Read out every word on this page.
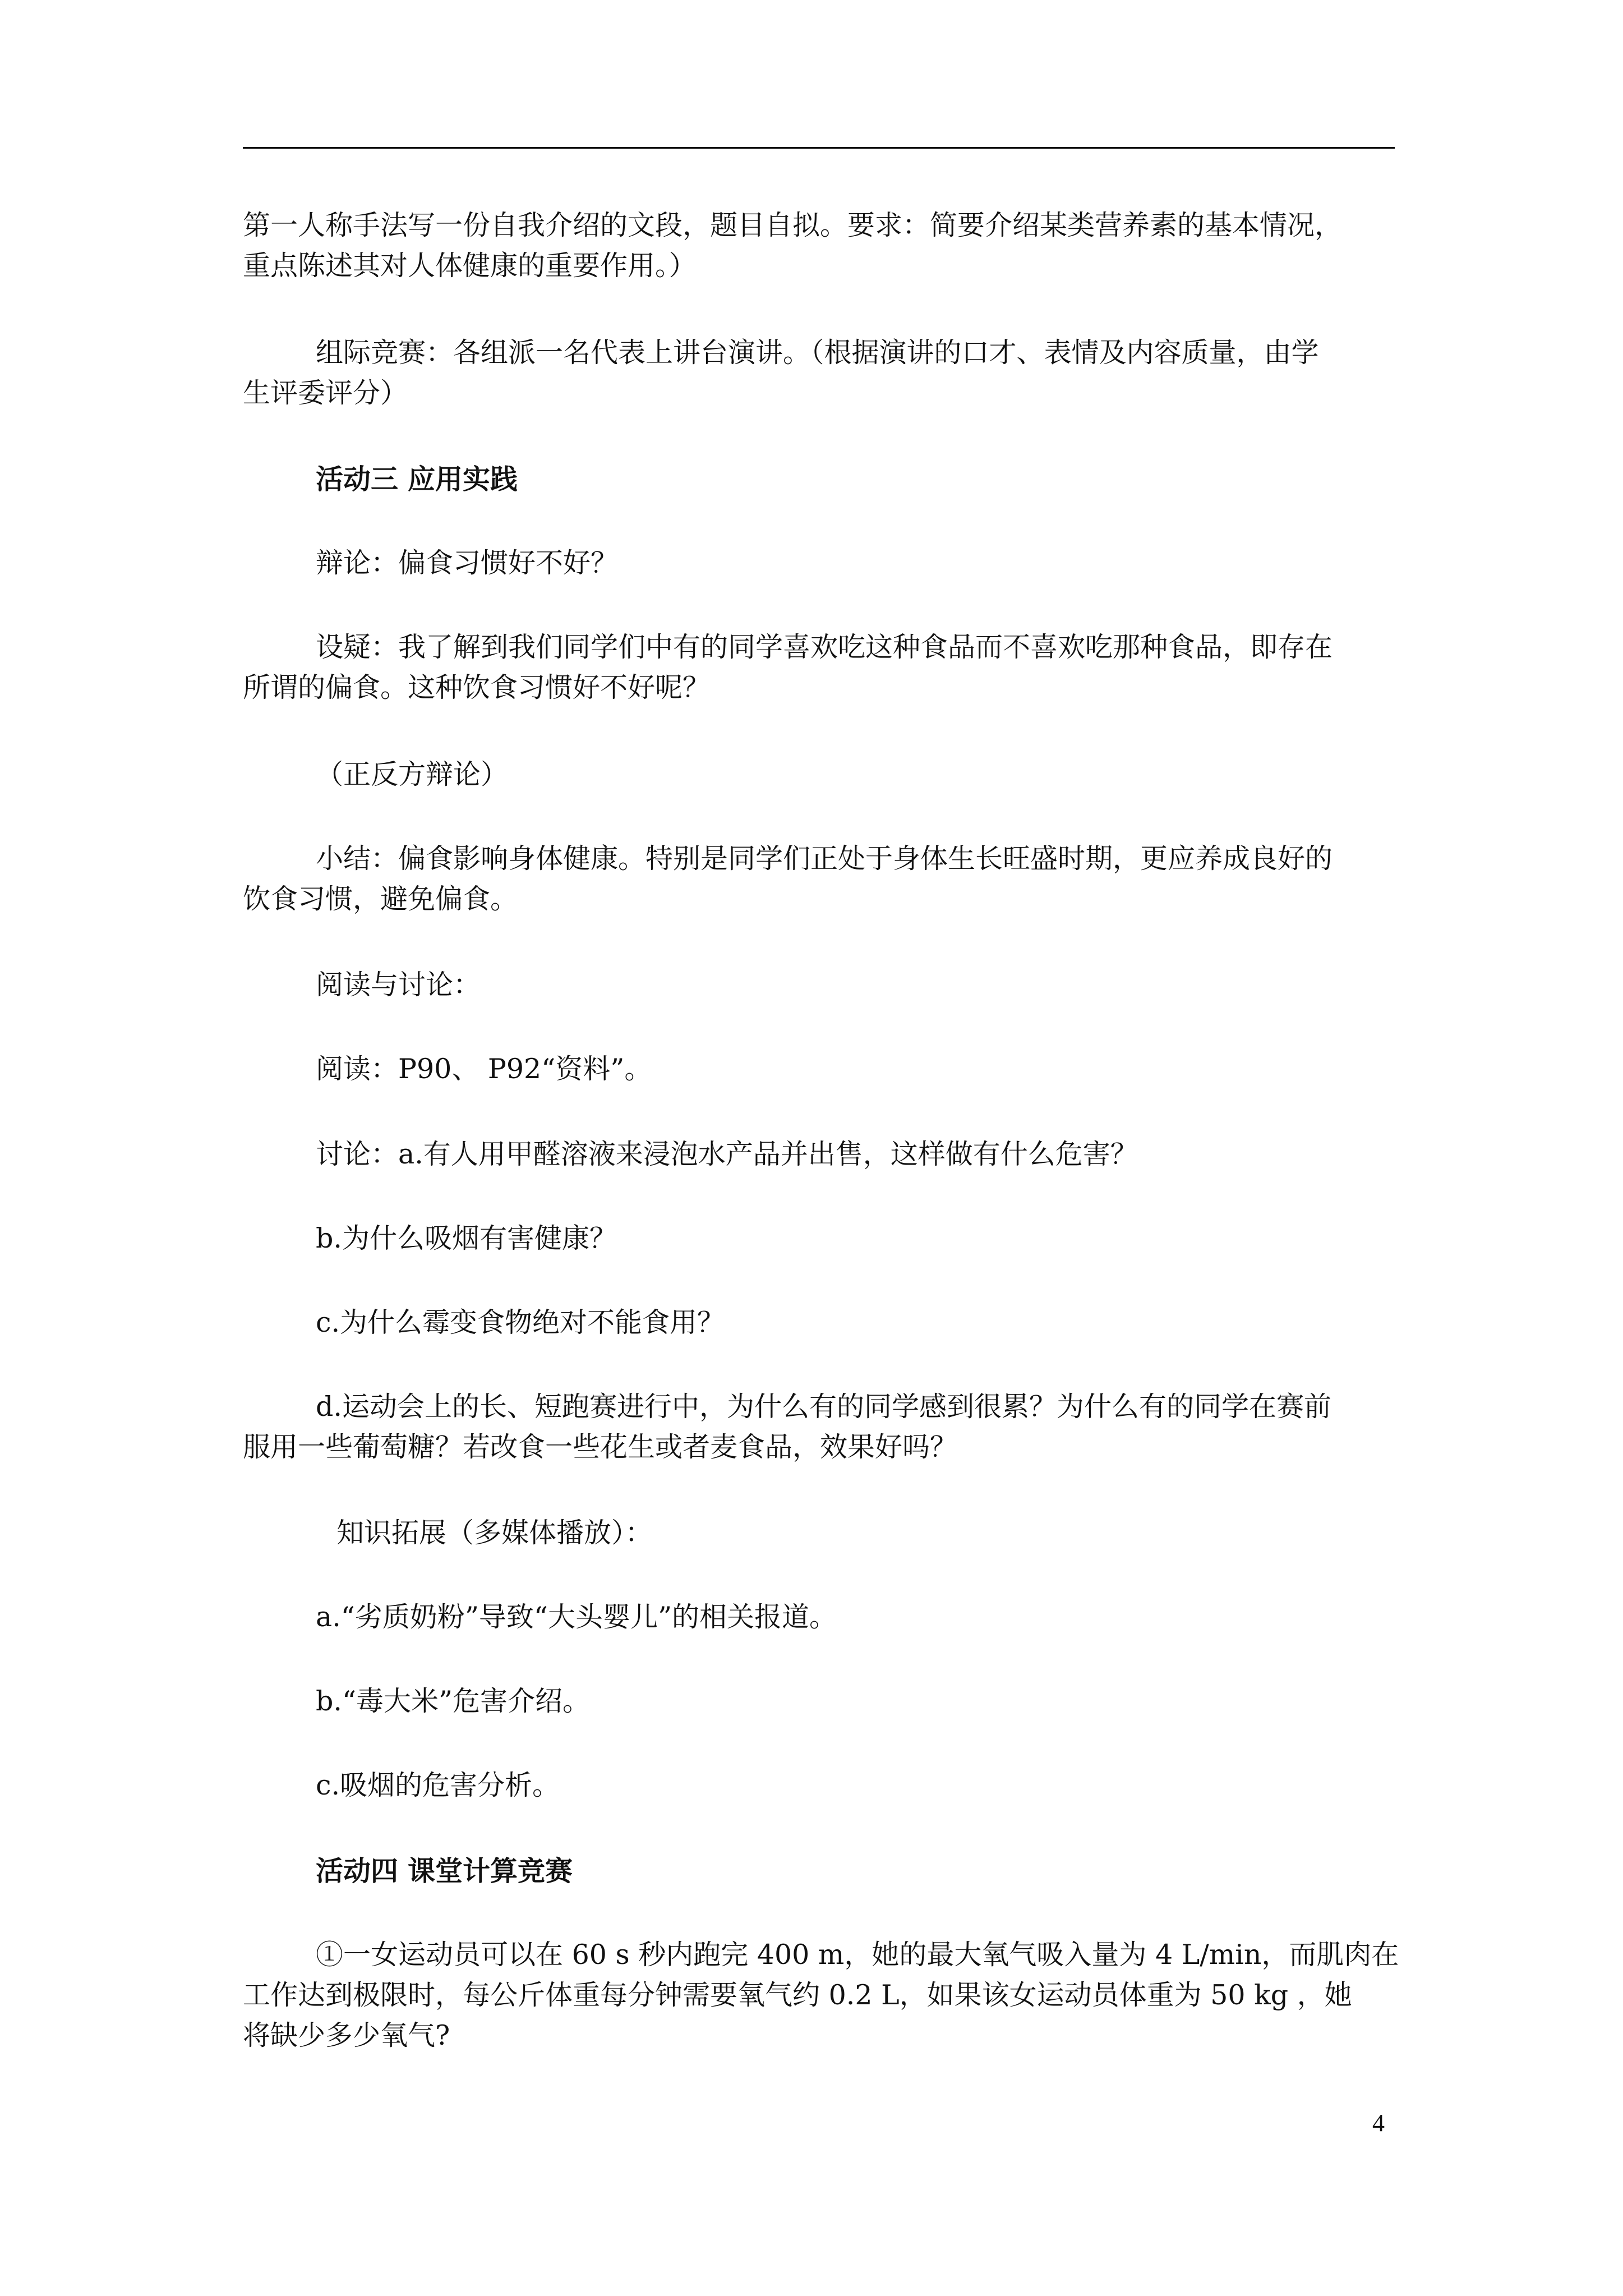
第一人称手法写一份自我介绍的文段，题目自拟。要求：简要介绍某类营养素的基本情况，

重点陈述其对人体健康的重要作用。）

组际竞赛：各组派一名代表上讲台演讲。（根据演讲的口才、表情及内容质量，由学

生评委评分）

活动三 应用实践

辩论：偏食习惯好不好？

设疑：我了解到我们同学们中有的同学喜欢吃这种食品而不喜欢吃那种食品，即存在

所谓的偏食。这种饮食习惯好不好呢？

（正反方辩论）

小结：偏食影响身体健康。特别是同学们正处于身体生长旺盛时期，更应养成良好的

饮食习惯，避免偏食。

阅读与讨论：

阅读：P90、 P92“资料”。

讨论：a.有人用甲醛溶液来浸泡水产品并出售，这样做有什么危害？

b.为什么吸烟有害健康？

c.为什么霉变食物绝对不能食用？

d.运动会上的长、短跑赛进行中，为什么有的同学感到很累？为什么有的同学在赛前

服用一些葡萄糖？若改食一些花生或者麦食品，效果好吗？

知识拓展（多媒体播放）：

a.“劣质奶粉”导致“大头婴儿”的相关报道。

b.“毒大米”危害介绍。

c.吸烟的危害分析。

活动四 课堂计算竞赛

①一女运动员可以在 60 s 秒内跑完 400 m，她的最大氧气吸入量为 4 L/min，而肌肉在

工作达到极限时，每公斤体重每分钟需要氧气约 0.2 L，如果该女运动员体重为 50 kg ，她

将缺少多少氧气?

4
